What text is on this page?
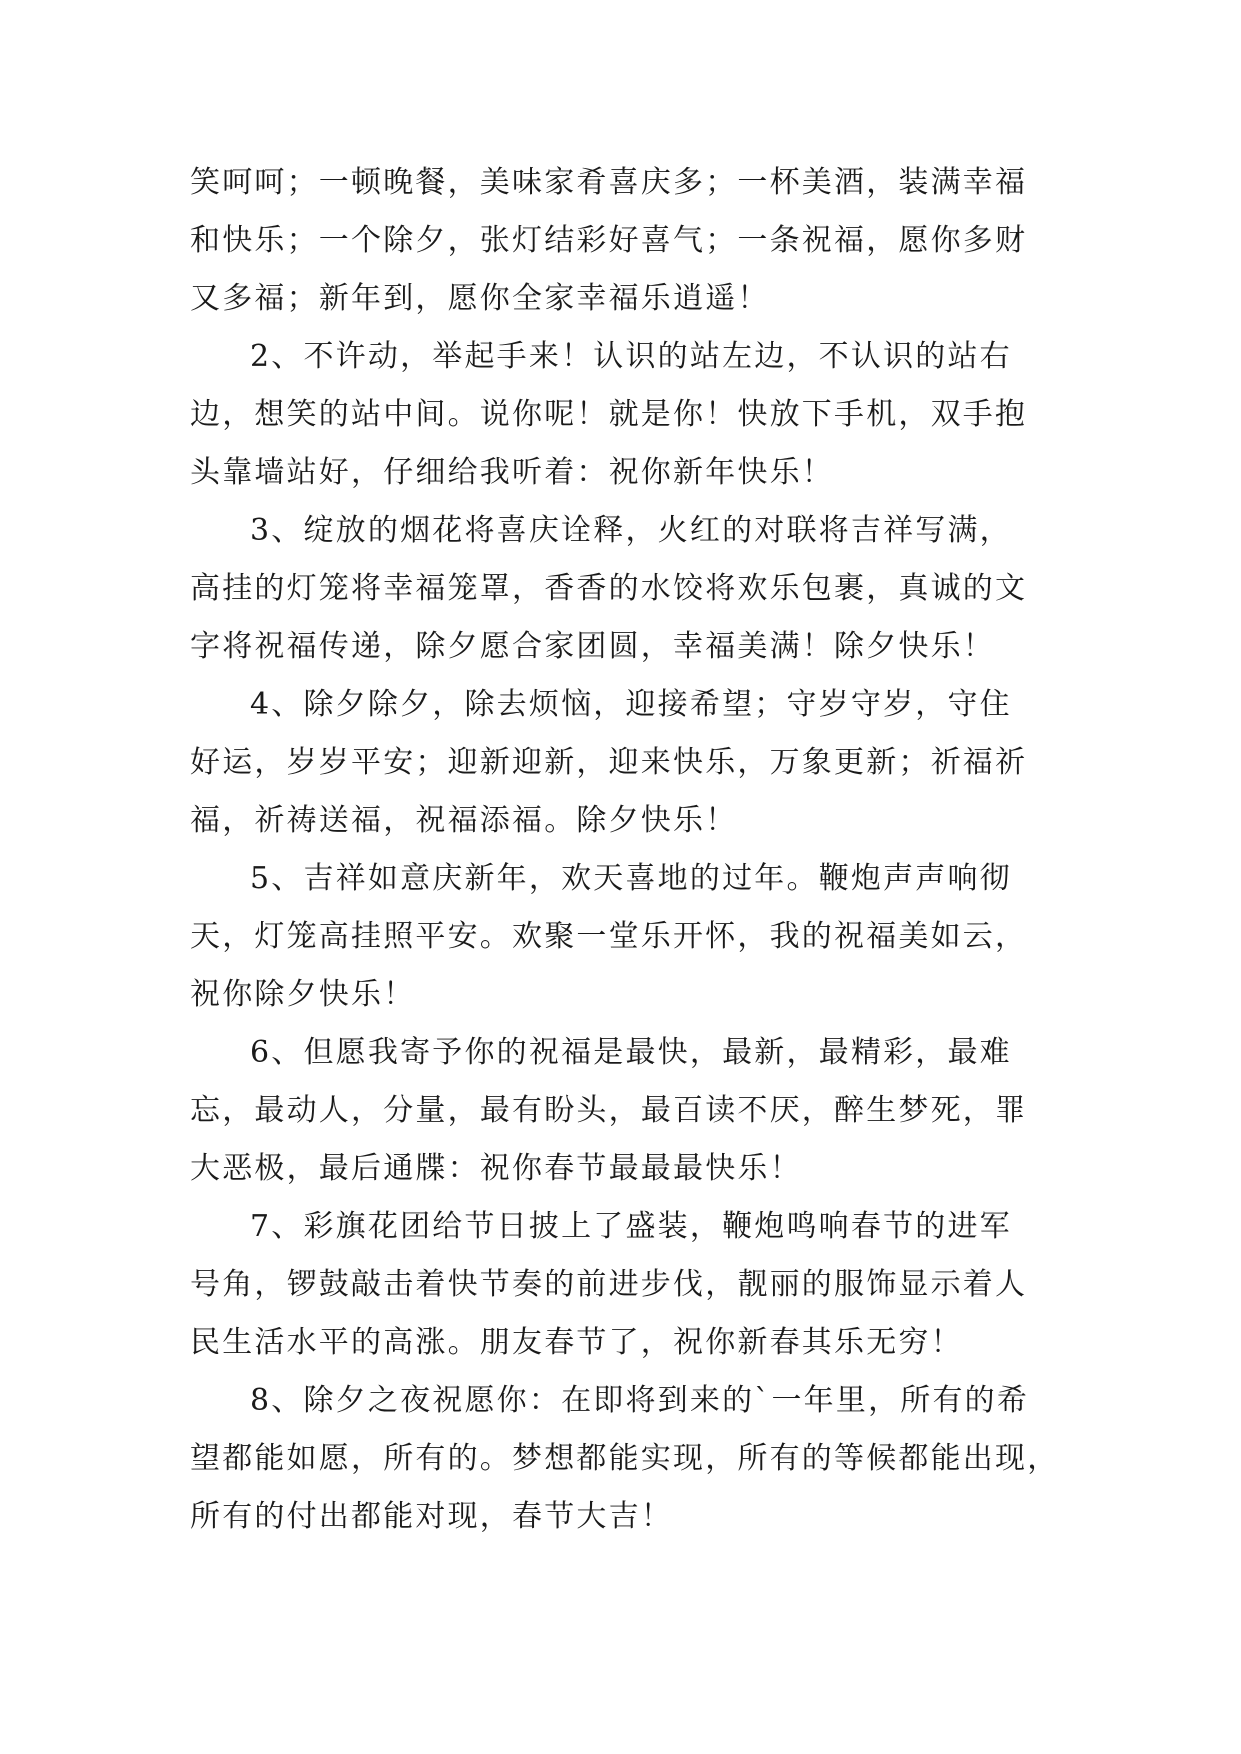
笑呵呵；一顿晚餐，美味家肴喜庆多；一杯美酒，装满幸福
和快乐；一个除夕，张灯结彩好喜气；一条祝福，愿你多财
又多福；新年到，愿你全家幸福乐逍遥！
2、不许动，举起手来！认识的站左边，不认识的站右
边，想笑的站中间。说你呢！就是你！快放下手机，双手抱
头靠墙站好，仔细给我听着：祝你新年快乐！
3、绽放的烟花将喜庆诠释，火红的对联将吉祥写满，
高挂的灯笼将幸福笼罩，香香的水饺将欢乐包裹，真诚的文
字将祝福传递，除夕愿合家团圆，幸福美满！除夕快乐！
4、除夕除夕，除去烦恼，迎接希望；守岁守岁，守住
好运，岁岁平安；迎新迎新，迎来快乐，万象更新；祈福祈
福，祈祷送福，祝福添福。除夕快乐！
5、吉祥如意庆新年，欢天喜地的过年。鞭炮声声响彻
天，灯笼高挂照平安。欢聚一堂乐开怀，我的祝福美如云，
祝你除夕快乐！
6、但愿我寄予你的祝福是最快，最新，最精彩，最难
忘，最动人，分量，最有盼头，最百读不厌，醉生梦死，罪
大恶极，最后通牒：祝你春节最最最快乐！
7、彩旗花团给节日披上了盛装，鞭炮鸣响春节的进军
号角，锣鼓敲击着快节奏的前进步伐，靓丽的服饰显示着人
民生活水平的高涨。朋友春节了，祝你新春其乐无穷！
8、除夕之夜祝愿你：在即将到来的`一年里，所有的希
望都能如愿，所有的。梦想都能实现，所有的等候都能出现，
所有的付出都能对现，春节大吉！
